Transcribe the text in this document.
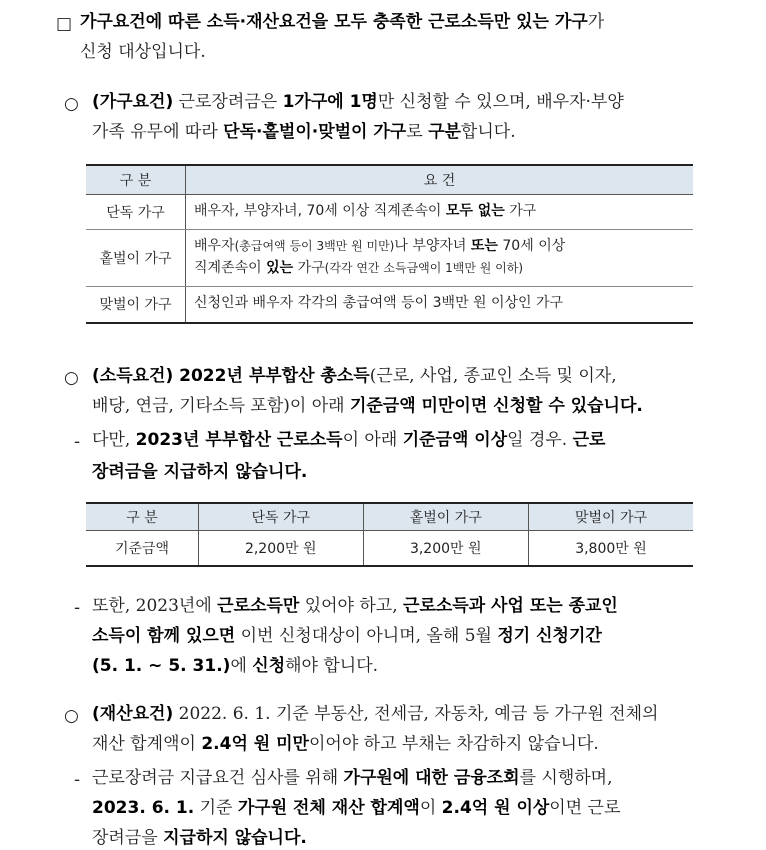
□ 가구요건에 따른 소득·재산요건을 모두 충족한 근로소득만 있는 가구가
신청 대상입니다.
○ (가구요건) 근로장려금은 1가구에 1명만 신청할 수 있으며, 배우자·부양
가족 유무에 따라 단독·홑벌이·맞벌이 가구로 구분합니다.
구 분	요 건
단독 가구	배우자, 부양자녀, 70세 이상 직계존속이 모두 없는 가구
홑벌이 가구	배우자(총급여액 등이 3백만 원 미만)나 부양자녀 또는 70세 이상
직계존속이 있는 가구(각각 연간 소득금액이 1백만 원 이하)

맞벌이 가구	신청인과 배우자 각각의 총급여액 등이 3백만 원 이상인 가구
○ (소득요건) 2022년 부부합산 총소득(근로, 사업, 종교인 소득 및 이자,
배당, 연금, 기타소득 포함)이 아래 기준금액 미만이면 신청할 수 있습니다.
- 다만, 2023년 부부합산 근로소득이 아래 기준금액 이상일 경우. 근로
장려금을 지급하지 않습니다.
구 분	단독 가구	홑벌이 가구	맞벌이 가구
기준금액	2,200만 원	3,200만 원	3,800만 원
- 또한, 2023년에 근로소득만 있어야 하고, 근로소득과 사업 또는 종교인
소득이 함께 있으면 이번 신청대상이 아니며, 올해 5월 정기 신청기간
(5. 1. ~ 5. 31.)에 신청해야 합니다.
○ (재산요건) 2022. 6. 1. 기준 부동산, 전세금, 자동차, 예금 등 가구원 전체의
재산 합계액이 2.4억 원 미만이어야 하고 부채는 차감하지 않습니다.
- 근로장려금 지급요건 심사를 위해 가구원에 대한 금융조회를 시행하며,
2023. 6. 1. 기준 가구원 전체 재산 합계액이 2.4억 원 이상이면 근로
장려금을 지급하지 않습니다.
